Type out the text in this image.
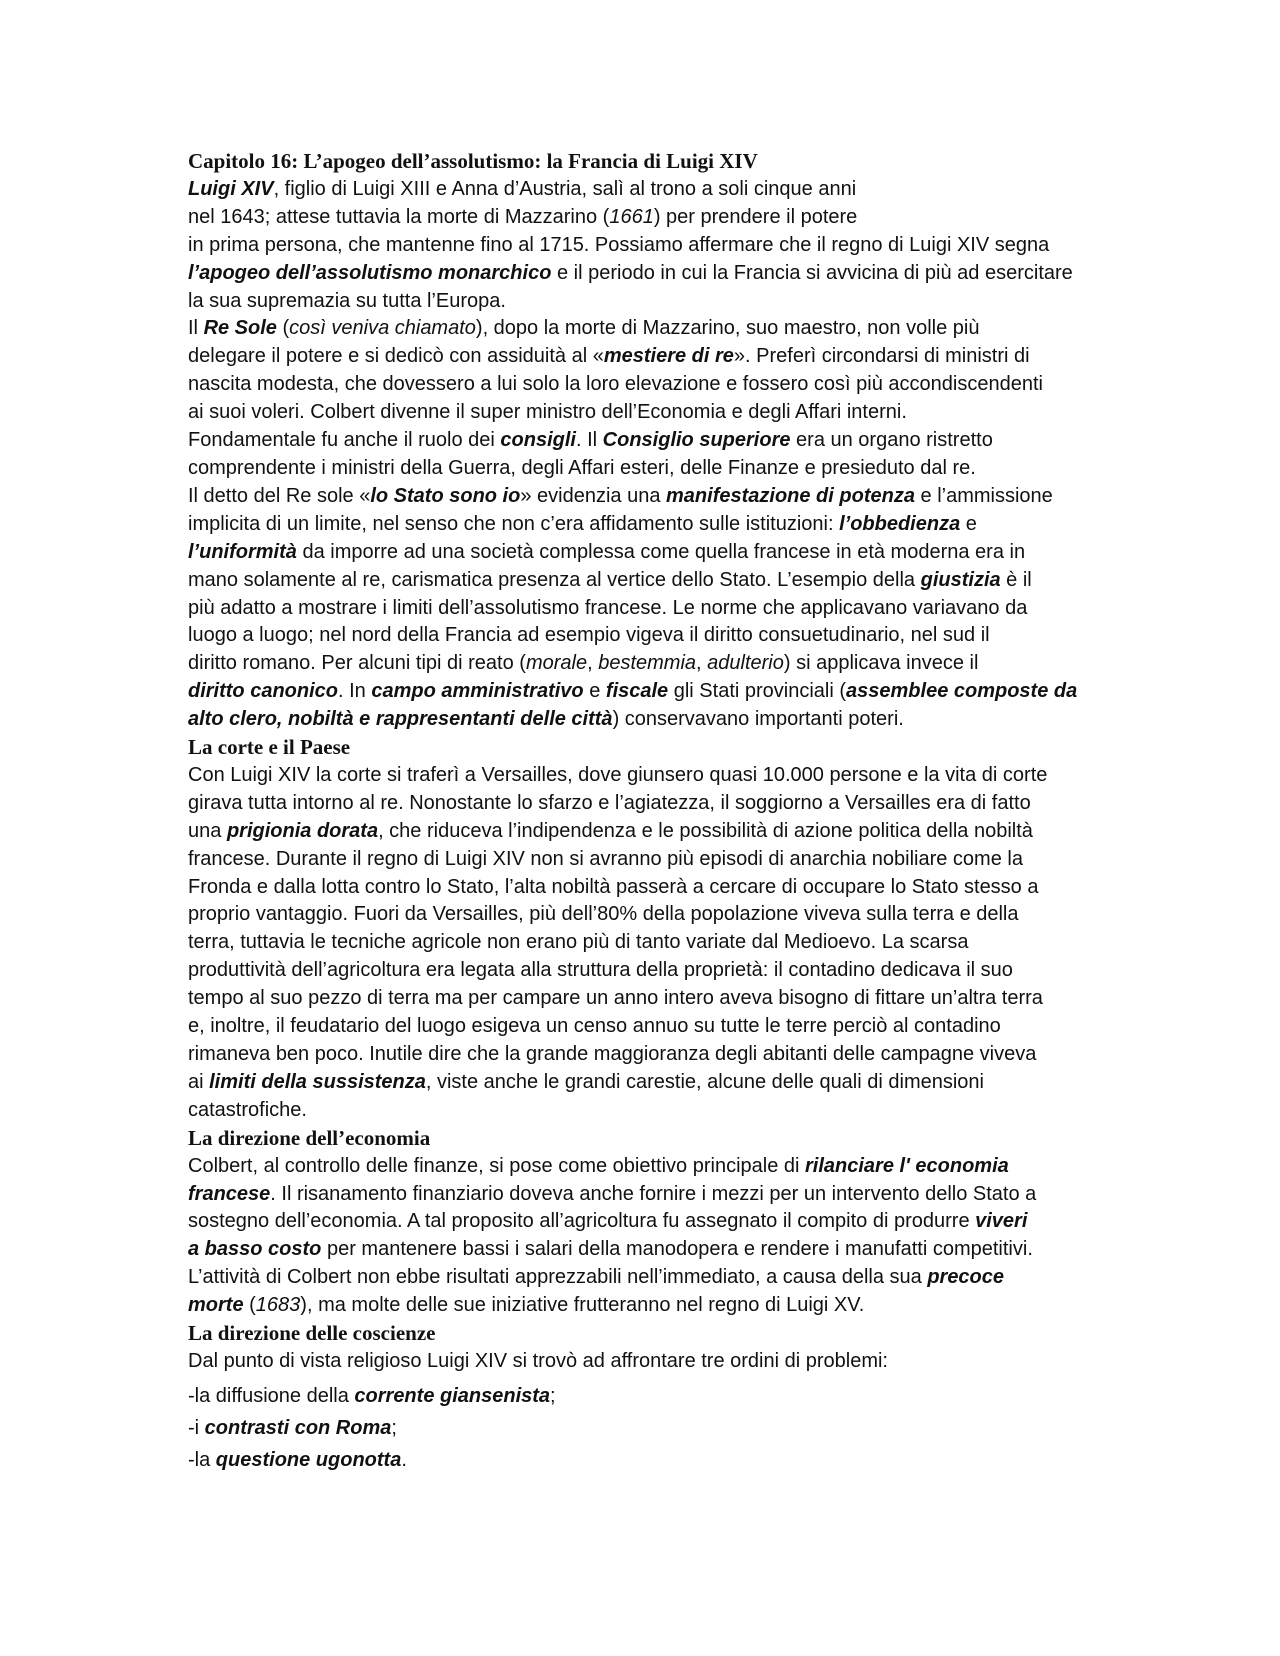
Capitolo 16: L’apogeo dell’assolutismo: la Francia di Luigi XIV

Luigi XIV, figlio di Luigi XIII e Anna d’Austria, salì al trono a soli cinque anni

nel 1643; attese tuttavia la morte di Mazzarino (1661) per prendere il potere

in prima persona, che mantenne fino al 1715. Possiamo affermare che il regno di Luigi XIV segna

l’apogeo dell’assolutismo monarchico e il periodo in cui la Francia si avvicina di più ad esercitare

la sua supremazia su tutta l’Europa.

Il Re Sole (così veniva chiamato), dopo la morte di Mazzarino, suo maestro, non volle più

delegare il potere e si dedicò con assiduità al «mestiere di re». Preferì circondarsi di ministri di

nascita modesta, che dovessero a lui solo la loro elevazione e fossero così più accondiscendenti

ai suoi voleri. Colbert divenne il super ministro dell’Economia e degli Affari interni.

Fondamentale fu anche il ruolo dei consigli. Il Consiglio superiore era un organo ristretto

comprendente i ministri della Guerra, degli Affari esteri, delle Finanze e presieduto dal re.

Il detto del Re sole «lo Stato sono io» evidenzia una manifestazione di potenza e l’ammissione

implicita di un limite, nel senso che non c’era affidamento sulle istituzioni: l’obbedienza e

l’uniformità da imporre ad una società complessa come quella francese in età moderna era in

mano solamente al re, carismatica presenza al vertice dello Stato. L’esempio della giustizia è il

più adatto a mostrare i limiti dell’assolutismo francese. Le norme che applicavano variavano da

luogo a luogo; nel nord della Francia ad esempio vigeva il diritto consuetudinario, nel sud il

diritto romano. Per alcuni tipi di reato (morale, bestemmia, adulterio) si applicava invece il

diritto canonico. In campo amministrativo e fiscale gli Stati provinciali (assemblee composte da

alto clero, nobiltà e rappresentanti delle città) conservavano importanti poteri.

La corte e il Paese

Con Luigi XIV la corte si traferì a Versailles, dove giunsero quasi 10.000 persone e la vita di corte

girava tutta intorno al re. Nonostante lo sfarzo e l’agiatezza, il soggiorno a Versailles era di fatto

una prigionia dorata, che riduceva l’indipendenza e le possibilità di azione politica della nobiltà

francese. Durante il regno di Luigi XIV non si avranno più episodi di anarchia nobiliare come la

Fronda e dalla lotta contro lo Stato, l’alta nobiltà passerà a cercare di occupare lo Stato stesso a

proprio vantaggio. Fuori da Versailles, più dell’80% della popolazione viveva sulla terra e della

terra, tuttavia le tecniche agricole non erano più di tanto variate dal Medioevo. La scarsa

produttività dell’agricoltura era legata alla struttura della proprietà: il contadino dedicava il suo

tempo al suo pezzo di terra ma per campare un anno intero aveva bisogno di fittare un’altra terra

e, inoltre, il feudatario del luogo esigeva un censo annuo su tutte le terre perciò al contadino

rimaneva ben poco. Inutile dire che la grande maggioranza degli abitanti delle campagne viveva

ai limiti della sussistenza, viste anche le grandi carestie, alcune delle quali di dimensioni

catastrofiche.

La direzione dell’economia

Colbert, al controllo delle finanze, si pose come obiettivo principale di rilanciare l' economia

francese. Il risanamento finanziario doveva anche fornire i mezzi per un intervento dello Stato a

sostegno dell’economia. A tal proposito all’agricoltura fu assegnato il compito di produrre viveri

a basso costo per mantenere bassi i salari della manodopera e rendere i manufatti competitivi.

L’attività di Colbert non ebbe risultati apprezzabili nell’immediato, a causa della sua precoce

morte (1683), ma molte delle sue iniziative frutteranno nel regno di Luigi XV.

La direzione delle coscienze

Dal punto di vista religioso Luigi XIV si trovò ad affrontare tre ordini di problemi:

-la diffusione della corrente giansenista;

-i contrasti con Roma;

-la questione ugonotta.
